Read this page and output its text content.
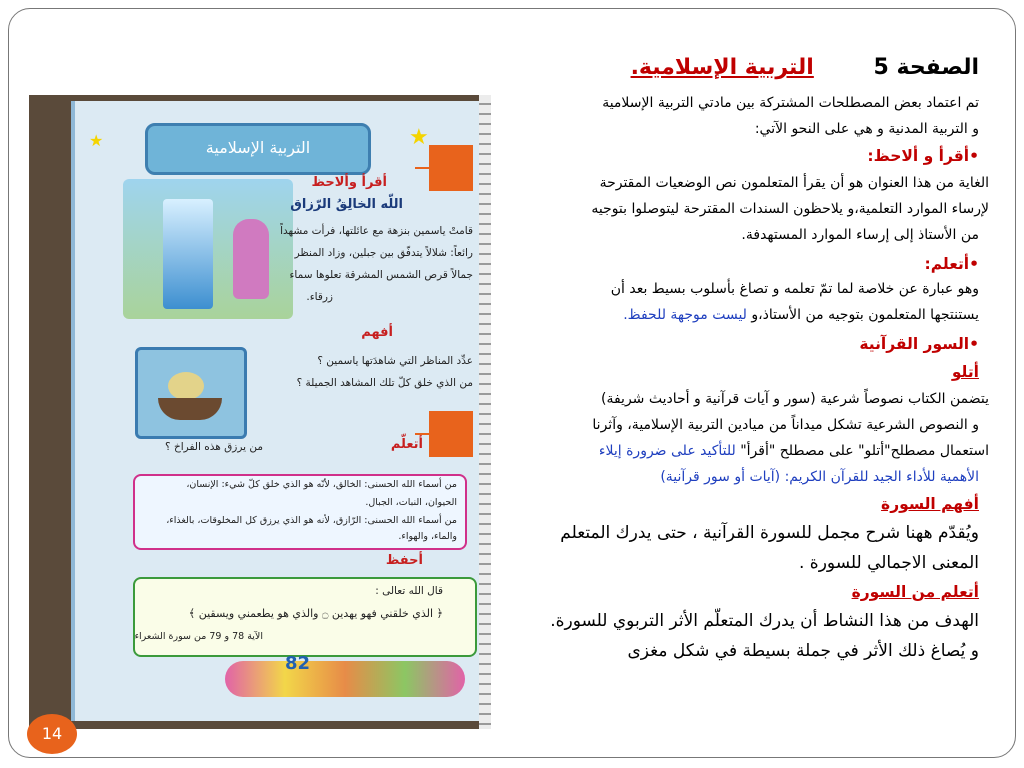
التربية الإسلامية	★
★
أقرأ وألاحظ
اللّه الخالِقُ الرّزاق
قامتْ ياسمين بنزهة مع عائلتها، فرأت مشهداً
رائعاً: شلالاً يتدفّق بين جبلين، وزاد المنظر
جمالاً قرص الشمس المشرقة تعلوها سماء
زرقاء.
أفهم
عدِّد المناظر التي شاهدَتها ياسمين ؟
من الذي خلق كلّ تلك المشاهد الجميلة ؟
من يرزق هذه الفراخ ؟	أتعلّم
من أسماء الله الحسنى: الخالق، لأنّه هو الذي خلق كلّ شيء: الإنسان،
الحيوان، النبات، الجبال.
من أسماء الله الحسنى: الرّازق، لأنه هو الذي يرزق كل المخلوقات، بالغذاء،
والماء، والهواء.
أحفظ
قال الله تعالى :
﴿ الذي خلقني فهو يهدين ۝ والذي هو يطعمني ويسقين ﴾
الآية 78 و 79 من سورة الشعراء
82
الصفحة 5 التربية الإسلامية.
تم اعتماد بعض المصطلحات المشتركة بين مادتي التربية الإسلامية
و التربية المدنية و هي على النحو الآتي:
•أقرأ و ألاحظ:
الغاية من هذا العنوان هو أن يقرأ المتعلمون نص الوضعيات المقترحة
لإرساء الموارد التعلمية،و يلاحظون السندات المقترحة ليتوصلوا بتوجيه
من الأستاذ إلى إرساء الموارد المستهدفة.
•أتعلم:
وهو عبارة عن خلاصة لما تمّ تعلمه و تصاغ بأسلوب بسيط بعد أن
يستنتجها المتعلمون بتوجيه من الأستاذ،و ليست موجهة للحفظ.
•السور القرآنية
أتلو
يتضمن الكتاب نصوصاً شرعية (سور و آيات قرآنية و أحاديث شريفة)
و النصوص الشرعية تشكل ميداناً من ميادين التربية الإسلامية، وآثرنا
استعمال مصطلح"أتلو" على مصطلح "أقرأ" للتأكيد على ضرورة إيلاء
الأهمية للأداء الجيد للقرآن الكريم: (آيات أو سور قرآنية)
أفهم السورة
ويُقدّم ههنا شرح مجمل للسورة القرآنية ، حتى يدرك المتعلم
المعنى الاجمالي للسورة .
أتعلم من السورة
الهدف من هذا النشاط أن يدرك المتعلّم الأثر التربوي للسورة.
و يُصاغ ذلك الأثر في جملة بسيطة في شكل مغزى
14
